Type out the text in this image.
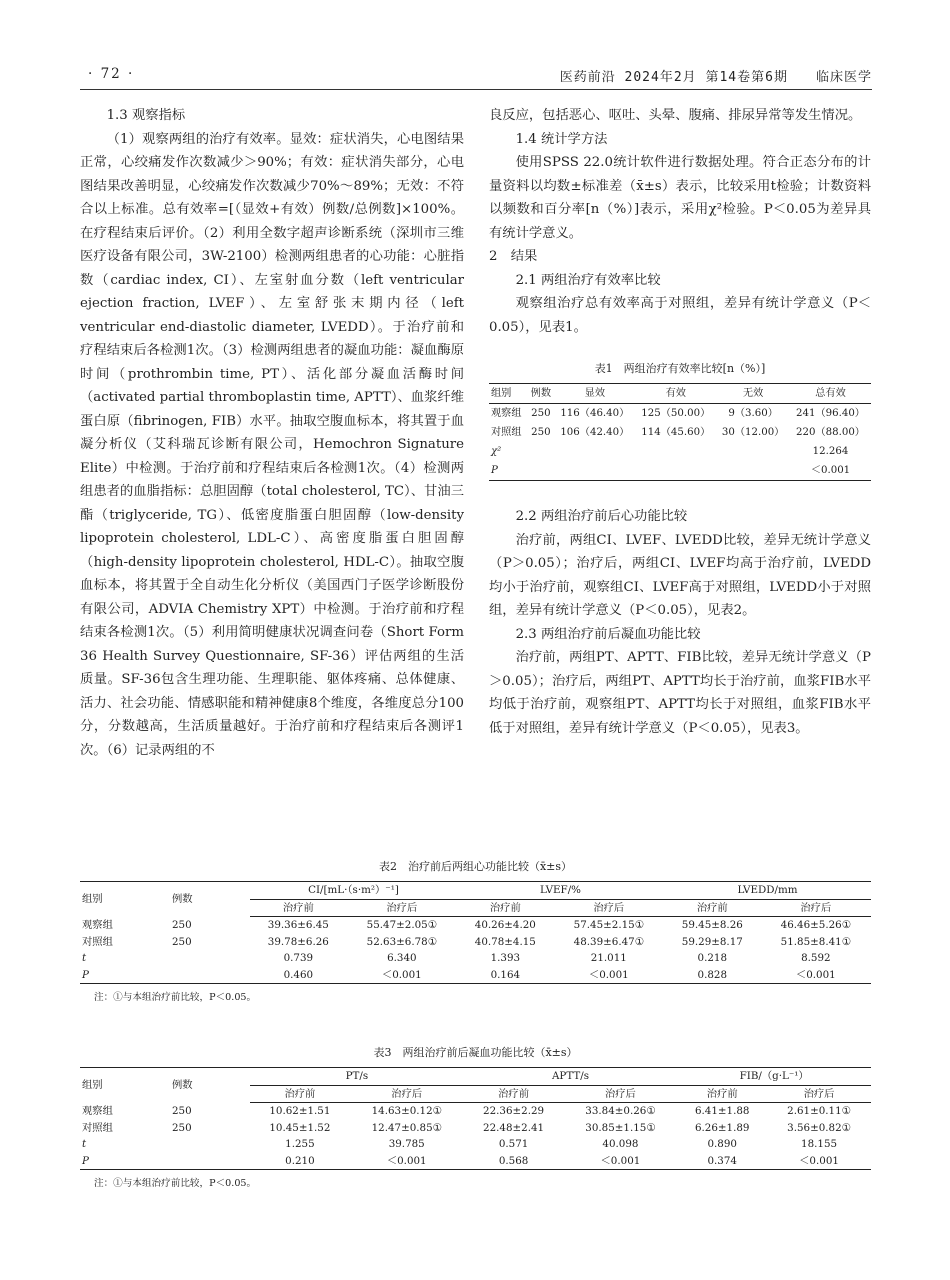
· 72 ·	医药前沿 2024年2月 第14卷第6期　　 临床医学

1.3 观察指标

（1）观察两组的治疗有效率。显效：症状消失，心电图结果正常，心绞痛发作次数减少＞90%；有效：症状消失部分，心电图结果改善明显，心绞痛发作次数减少70%～89%；无效：不符合以上标准。总有效率=[（显效+有效）例数/总例数]×100%。在疗程结束后评价。（2）利用全数字超声诊断系统（深圳市三维医疗设备有限公司，3W-2100）检测两组患者的心功能：心脏指数（cardiac index, CI）、左室射血分数（left ventricular ejection fraction, LVEF）、左室舒张末期内径（left ventricular end-diastolic diameter, LVEDD）。于治疗前和疗程结束后各检测1次。（3）检测两组患者的凝血功能：凝血酶原时间（prothrombin time, PT）、活化部分凝血活酶时间（activated partial thromboplastin time, APTT）、血浆纤维蛋白原（fibrinogen, FIB）水平。抽取空腹血标本，将其置于血凝分析仪（艾科瑞瓦诊断有限公司，Hemochron Signature Elite）中检测。于治疗前和疗程结束后各检测1次。（4）检测两组患者的血脂指标：总胆固醇（total cholesterol, TC）、甘油三酯（triglyceride, TG）、低密度脂蛋白胆固醇（low-density lipoprotein cholesterol, LDL-C）、高密度脂蛋白胆固醇（high-density lipoprotein cholesterol, HDL-C）。抽取空腹血标本，将其置于全自动生化分析仪（美国西门子医学诊断股份有限公司，ADVIA Chemistry XPT）中检测。于治疗前和疗程结束各检测1次。（5）利用简明健康状况调查问卷（Short Form 36 Health Survey Questionnaire, SF-36）评估两组的生活质量。SF-36包含生理功能、生理职能、躯体疼痛、总体健康、活力、社会功能、情感职能和精神健康8个维度，各维度总分100分，分数越高，生活质量越好。于治疗前和疗程结束后各测评1次。（6）记录两组的不

良反应，包括恶心、呕吐、头晕、腹痛、排尿异常等发生情况。

1.4 统计学方法

使用SPSS 22.0统计软件进行数据处理。符合正态分布的计量资料以均数±标准差（x̄±s）表示，比较采用t检验；计数资料以频数和百分率[n（%）]表示，采用χ²检验。P＜0.05为差异具有统计学意义。

2　结果

2.1 两组治疗有效率比较

观察组治疗总有效率高于对照组，差异有统计学意义（P＜0.05），见表1。

表1　两组治疗有效率比较[n（%）]
组别	例数	显效	有效	无效	总有效
观察组	250	116（46.40）	125（50.00）	9（3.60）	241（96.40）
对照组	250	106（42.40）	114（45.60）	30（12.00）	220（88.00）
χ²					12.264
P					＜0.001

2.2 两组治疗前后心功能比较

治疗前，两组CI、LVEF、LVEDD比较，差异无统计学意义（P＞0.05）；治疗后，两组CI、LVEF均高于治疗前，LVEDD均小于治疗前，观察组CI、LVEF高于对照组，LVEDD小于对照组，差异有统计学意义（P＜0.05），见表2。

2.3 两组治疗前后凝血功能比较

治疗前，两组PT、APTT、FIB比较，差异无统计学意义（P＞0.05）；治疗后，两组PT、APTT均长于治疗前，血浆FIB水平均低于治疗前，观察组PT、APTT均长于对照组，血浆FIB水平低于对照组，差异有统计学意义（P＜0.05），见表3。

表2　治疗前后两组心功能比较（x̄±s）
组别	例数	CI/[mL·（s·m²）⁻¹]		LVEF/%		LVEDD/mm	
		治疗前	治疗后	治疗前	治疗后	治疗前	治疗后
观察组	250	39.36±6.45	55.47±2.05①	40.26±4.20	57.45±2.15①	59.45±8.26	46.46±5.26①
对照组	250	39.78±6.26	52.63±6.78①	40.78±4.15	48.39±6.47①	59.29±8.17	51.85±8.41①
t		0.739	6.340	1.393	21.011	0.218	8.592
P		0.460	＜0.001	0.164	＜0.001	0.828	＜0.001
注：①与本组治疗前比较，P＜0.05。
表3　两组治疗前后凝血功能比较（x̄±s）
组别	例数	PT/s		APTT/s		FIB/（g·L⁻¹）	
		治疗前	治疗后	治疗前	治疗后	治疗前	治疗后
观察组	250	10.62±1.51	14.63±0.12①	22.36±2.29	33.84±0.26①	6.41±1.88	2.61±0.11①
对照组	250	10.45±1.52	12.47±0.85①	22.48±2.41	30.85±1.15①	6.26±1.89	3.56±0.82①
t		1.255	39.785	0.571	40.098	0.890	18.155
P		0.210	＜0.001	0.568	＜0.001	0.374	＜0.001
注：①与本组治疗前比较，P＜0.05。
